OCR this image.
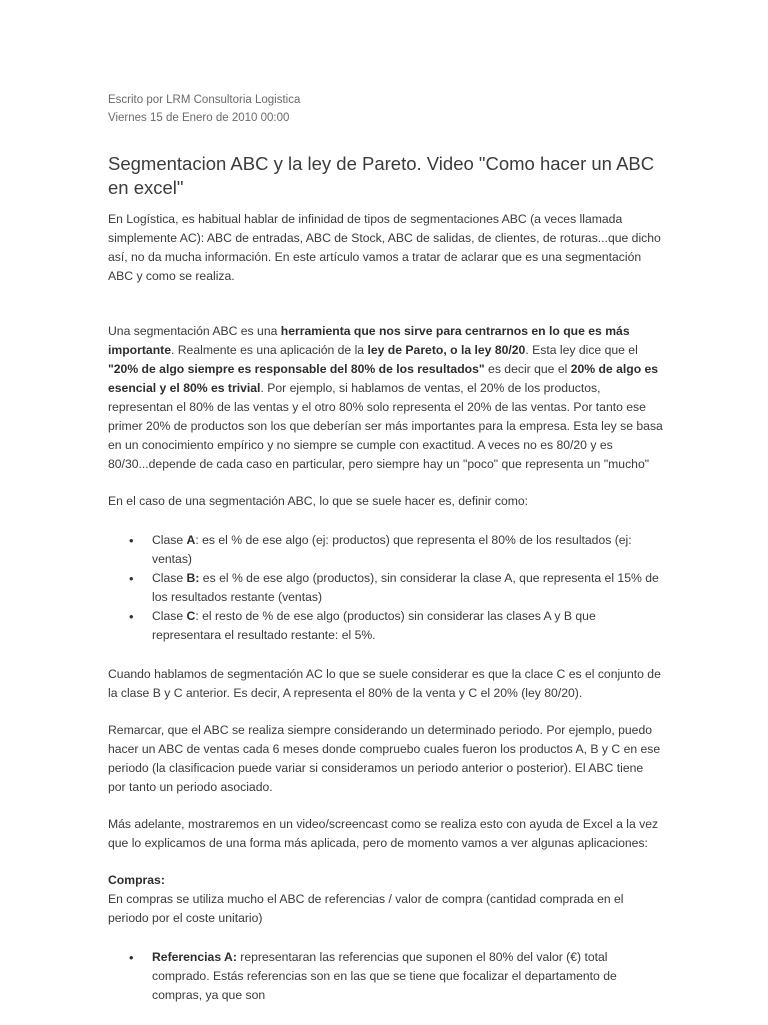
Escrito por LRM Consultoria Logistica
Viernes 15 de Enero de 2010 00:00
Segmentacion ABC y la ley de Pareto. Video "Como hacer un ABC en excel"

En Logística, es habitual hablar de infinidad de tipos de segmentaciones ABC (a veces llamada simplemente AC): ABC de entradas, ABC de Stock, ABC de salidas, de clientes, de roturas...que dicho así, no da mucha información. En este artículo vamos a tratar de aclarar que es una segmentación ABC y como se realiza.

Una segmentación ABC es una herramienta que nos sirve para centrarnos en lo que es más importante. Realmente es una aplicación de la ley de Pareto, o la ley 80/20. Esta ley dice que el "20% de algo siempre es responsable del 80% de los resultados" es decir que el 20% de algo es esencial y el 80% es trivial. Por ejemplo, si hablamos de ventas, el 20% de los productos, representan el 80% de las ventas y el otro 80% solo representa el 20% de las ventas. Por tanto ese primer 20% de productos son los que deberían ser más importantes para la empresa. Esta ley se basa en un conocimiento empírico y no siempre se cumple con exactitud. A veces no es 80/20 y es 80/30...depende de cada caso en particular, pero siempre hay un "poco" que representa un "mucho"

En el caso de una segmentación ABC, lo que se suele hacer es, definir como:

• Clase A: es el % de ese algo (ej: productos) que representa el 80% de los resultados (ej: ventas)
• Clase B: es el % de ese algo (productos), sin considerar la clase A, que representa el 15% de los resultados restante (ventas)
• Clase C: el resto de % de ese algo (productos) sin considerar las clases A y B que representara el resultado restante: el 5%.

Cuando hablamos de segmentación AC lo que se suele considerar es que la clace C es el conjunto de la clase B y C anterior. Es decir, A representa el 80% de la venta y C el 20% (ley 80/20).

Remarcar, que el ABC se realiza siempre considerando un determinado periodo. Por ejemplo, puedo hacer un ABC de ventas cada 6 meses donde compruebo cuales fueron los productos A, B y C en ese periodo (la clasificacion puede variar si consideramos un periodo anterior o posterior). El ABC tiene por tanto un periodo asociado.

Más adelante, mostraremos en un video/screencast como se realiza esto con ayuda de Excel a la vez que lo explicamos de una forma más aplicada, pero de momento vamos a ver algunas aplicaciones:

Compras:
En compras se utiliza mucho el ABC de referencias / valor de compra (cantidad comprada en el periodo por el coste unitario)

• Referencias A: representaran las referencias que suponen el 80% del valor (€) total comprado. Estás referencias son en las que se tiene que focalizar el departamento de compras, ya que son
